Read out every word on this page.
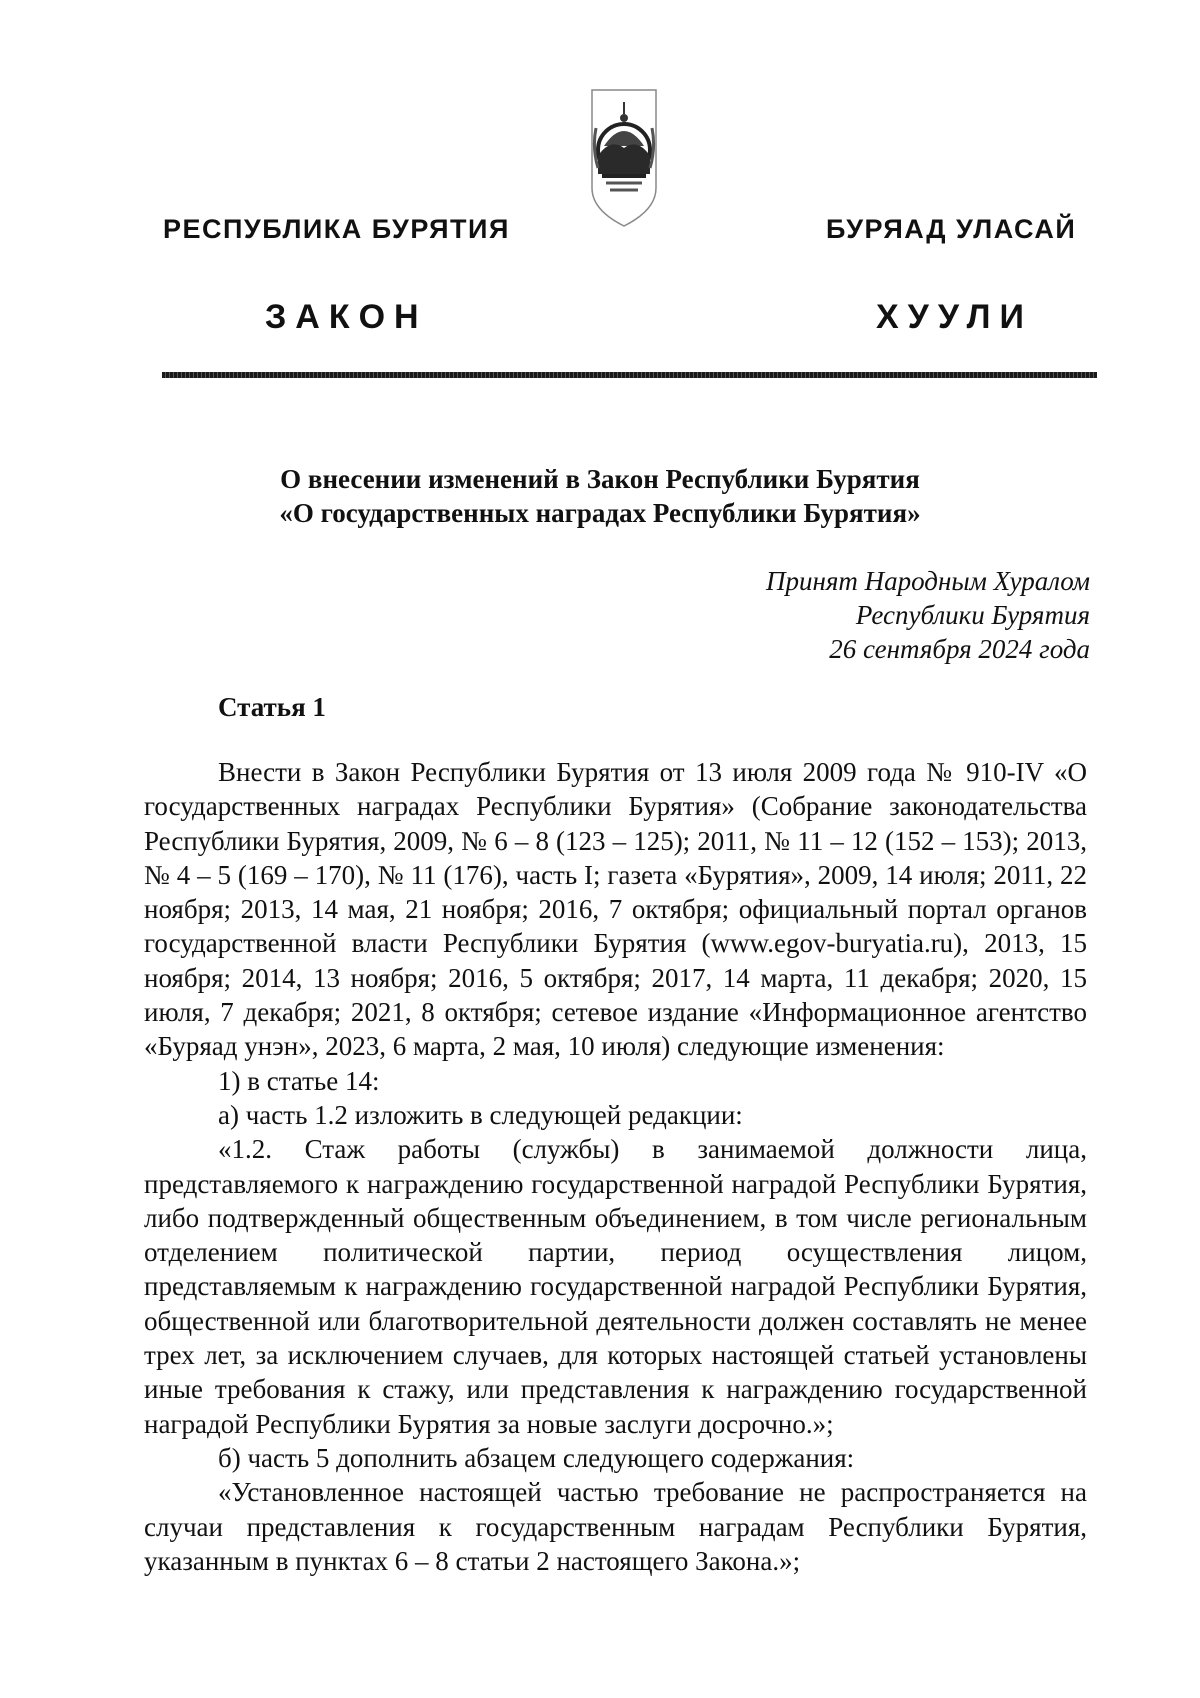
РЕСПУБЛИКА БУРЯТИЯ	БУРЯАД УЛАСАЙ
ЗАКОН	ХУУЛИ
О внесении изменений в Закон Республики Бурятия
«О государственных наградах Республики Бурятия»
Принят Народным Хуралом
Республики Бурятия
26 сентября 2024 года
Статья 1

Внести в Закон Республики Бурятия от 13 июля 2009 года № 910-IV «О государственных наградах Республики Бурятия» (Собрание законодательства Республики Бурятия, 2009, № 6 – 8 (123 – 125); 2011, № 11 – 12 (152 – 153); 2013, № 4 – 5 (169 – 170), № 11 (176), часть I; газета «Бурятия», 2009, 14 июля; 2011, 22 ноября; 2013, 14 мая, 21 ноября; 2016, 7 октября; официальный портал органов государственной власти Республики Бурятия (www.egov-buryatia.ru), 2013, 15 ноября; 2014, 13 ноября; 2016, 5 октября; 2017, 14 марта, 11 декабря; 2020, 15 июля, 7 декабря; 2021, 8 октября; сетевое издание «Информационное агентство «Буряад унэн», 2023, 6 марта, 2 мая, 10 июля) следующие изменения:

1) в статье 14:

а) часть 1.2 изложить в следующей редакции:

«1.2. Стаж работы (службы) в занимаемой должности лица, представляемого к награждению государственной наградой Республики Бурятия, либо подтвержденный общественным объединением, в том числе региональным отделением политической партии, период осуществления лицом, представляемым к награждению государственной наградой Республики Бурятия, общественной или благотворительной деятельности должен составлять не менее трех лет, за исключением случаев, для которых настоящей статьей установлены иные требования к стажу, или представления к награждению государственной наградой Республики Бурятия за новые заслуги досрочно.»;

б) часть 5 дополнить абзацем следующего содержания:

«Установленное настоящей частью требование не распространяется на случаи представления к государственным наградам Республики Бурятия, указанным в пунктах 6 – 8 статьи 2 настоящего Закона.»;
